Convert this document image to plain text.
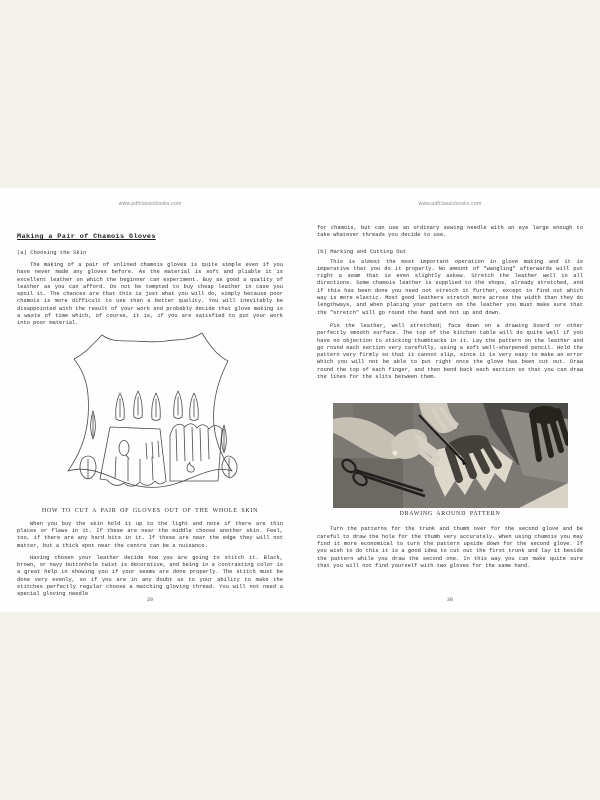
www.pdfclassicbooks.com
Making a Pair of Chamois Gloves
(a) Choosing the Skin
The making of a pair of unlined chamois gloves is quite simple even if you have never made any gloves before. As the material is soft and pliable it is excellent leather on which the beginner can experiment. Buy as good a quality of leather as you can afford. Do not be tempted to buy cheap leather in case you spoil it. The chances are that this is just what you will do, simply because poor chamois is more difficult to use than a better quality. You will inevitably be disappointed with the result of your work and probably decide that glove making is a waste of time which, of course, it is, if you are satisfied to put your work into poor material.
HOW TO CUT A PAIR OF GLOVES OUT OF THE WHOLE SKIN
When you buy the skin hold it up to the light and note if there are thin places or flaws in it. If these are near the middle choose another skin. Feel, too, if there are any hard bits in it. If these are near the edge they will not matter, but a thick spot near the centre can be a nuisance.
Having chosen your leather decide how you are going to stitch it. Black, brown, or navy buttonhole twist is decorative, and being in a contrasting color is a great help in showing you if your seams are done properly. The stitch must be done very evenly, so if you are in any doubt as to your ability to make the stitches perfectly regular choose a matching gloving thread. You will not need a special gloving needle
29
www.pdfclassicbooks.com
for chamois, but can use an ordinary sewing needle with an eye large enough to take whatever threads you decide to use.
(b) Marking and Cutting Out
This is almost the most important operation in glove making and it is imperative that you do it properly. No amount of "wangling" afterwards will put right a seam that is even slightly askew. Stretch the leather well in all directions. Some chamois leather is supplied to the shops, already stretched, and if this has been done you need not stretch it further, except to find out which way is more elastic. Most good leathers stretch more across the width than they do lengthways, and when placing your pattern on the leather you must make sure that the "stretch" will go round the hand and not up and down.
Pin the leather, well stretched; face down on a drawing board or other perfectly smooth surface. The top of the kitchen table will do quite well if you have no objection to sticking thumbtacks in it. Lay the pattern on the leather and go round each section very carefully, using a soft well-sharpened pencil. Hold the pattern very firmly so that it cannot slip, since it is very easy to make an error which you will not be able to put right once the glove has been cut out. Draw round the top of each finger, and then bend back each section so that you can draw the lines for the slits between them.
DRAWING AROUND PATTERN
Turn the patterns for the trunk and thumb over for the second glove and be careful to draw the hole for the thumb very accurately. When using chamois you may find it more economical to turn the pattern upside down for the second glove. If you wish to do this it is a good idea to cut out the first trunk and lay it beside the pattern while you draw the second one. In this way you can make quite sure that you will not find yourself with two gloves for the same hand.
30
